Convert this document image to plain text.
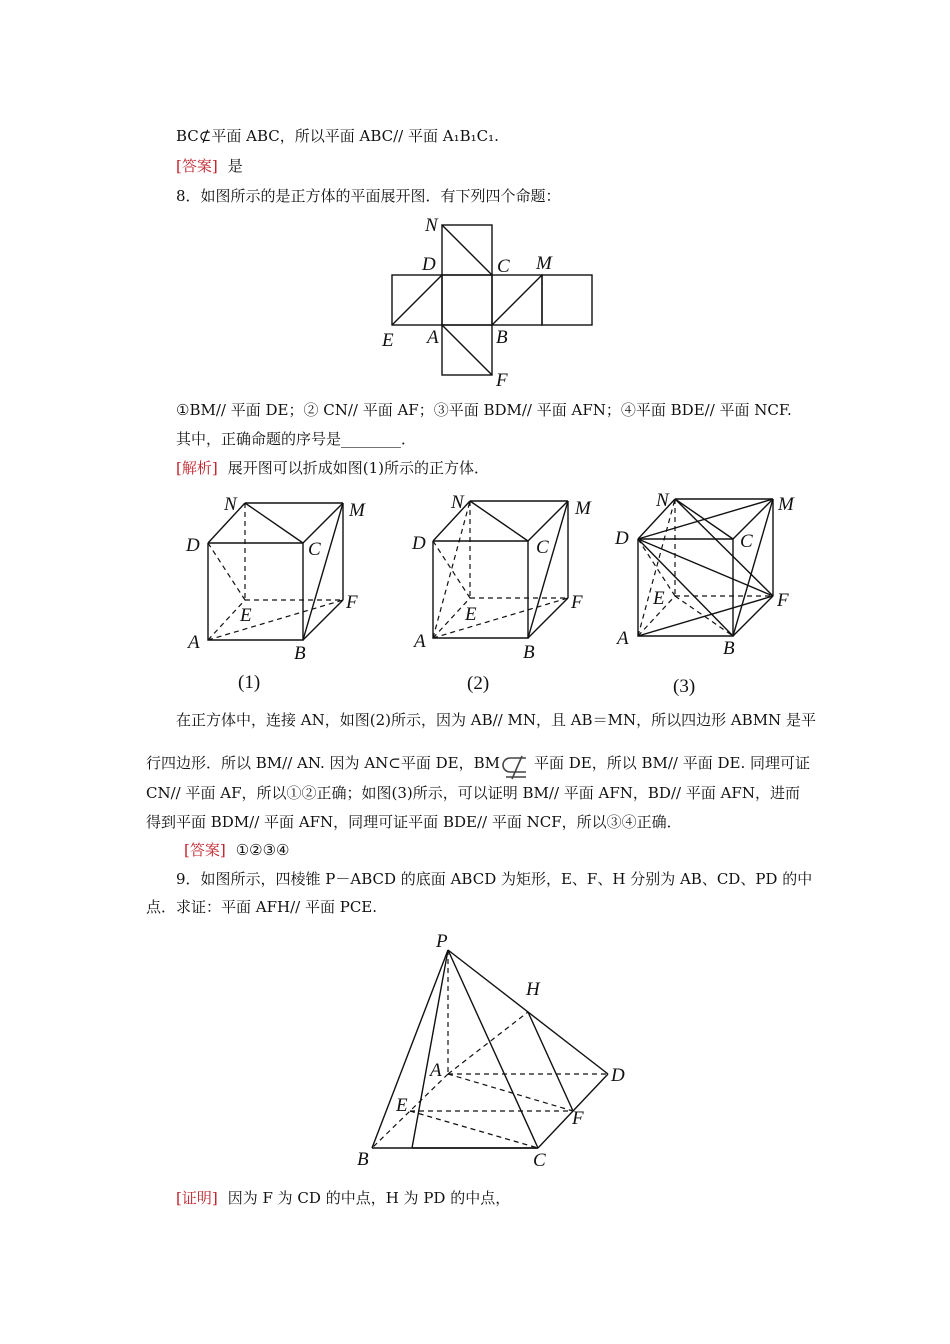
BC⊄平面 ABC，所以平面 ABC// 平面 A₁B₁C₁.
[答案] 是
8．如图所示的是正方体的平面展开图．有下列四个命题：
N
D	C M
E A	B
F
①BM// 平面 DE；② CN// 平面 AF；③平面 BDM// 平面 AFN；④平面 BDE// 平面 NCF.
其中，正确命题的序号是________．
[解析] 展开图可以折成如图(1)所示的正方体．
N	M
D	C
E
F
A
B
(1)
N	M
D	C
E
F
A
B
(2)
N	M
D	C
E	F
A	B
(3)
在正方体中，连接 AN，如图(2)所示，因为 AB// MN，且 AB＝MN，所以四边形 ABMN 是平
行四边形．所以 BM// AN. 因为 AN⊂平面 DE，BM 平面 DE，所以 BM// 平面 DE. 同理可证
CN// 平面 AF，所以①②正确；如图(3)所示，可以证明 BM// 平面 AFN，BD// 平面 AFN，进而
得到平面 BDM// 平面 AFN，同理可证平面 BDE// 平面 NCF，所以③④正确．
[答案] ①②③④
9．如图所示，四棱锥 P－ABCD 的底面 ABCD 为矩形，E、F、H 分别为 AB、CD、PD 的中
点．求证：平面 AFH// 平面 PCE.
P
H
A	D
E
F
B	C
[证明] 因为 F 为 CD 的中点，H 为 PD 的中点，
